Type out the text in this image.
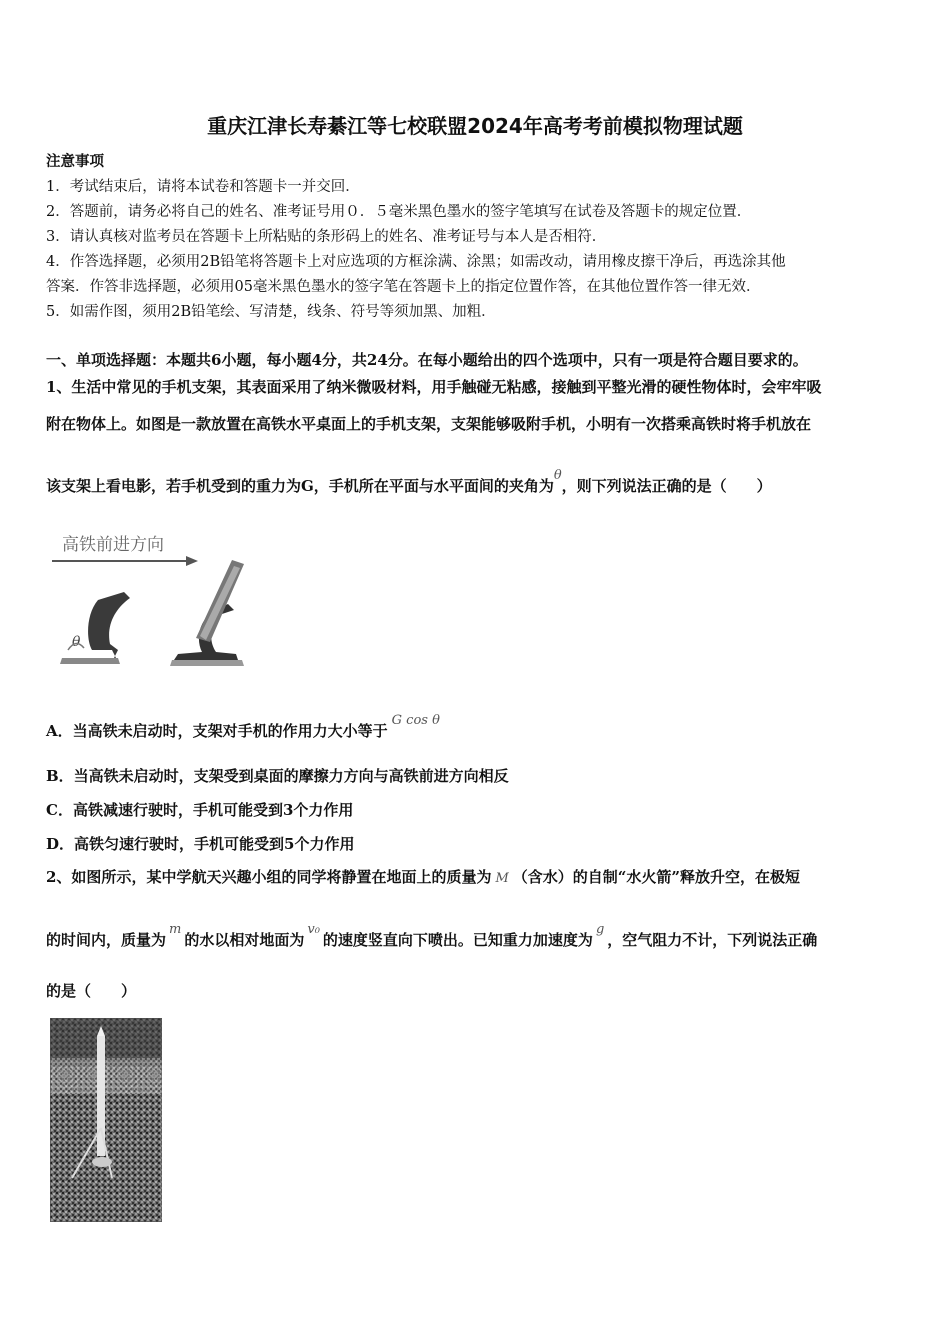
重庆江津长寿綦江等七校联盟2024年高考考前模拟物理试题
注意事项
1．考试结束后，请将本试卷和答题卡一并交回．
2．答题前，请务必将自己的姓名、准考证号用０．５毫米黑色墨水的签字笔填写在试卷及答题卡的规定位置．
3．请认真核对监考员在答题卡上所粘贴的条形码上的姓名、准考证号与本人是否相符．
4．作答选择题，必须用2B铅笔将答题卡上对应选项的方框涂满、涂黑；如需改动，请用橡皮擦干净后，再选涂其他
答案．作答非选择题，必须用05毫米黑色墨水的签字笔在答题卡上的指定位置作答，在其他位置作答一律无效．
5．如需作图，须用2B铅笔绘、写清楚，线条、符号等须加黑、加粗．
一、单项选择题：本题共6小题，每小题4分，共24分。在每小题给出的四个选项中，只有一项是符合题目要求的。
1、生活中常见的手机支架，其表面采用了纳米微吸材料，用手触碰无粘感，接触到平整光滑的硬性物体时，会牢牢吸
附在物体上。如图是一款放置在高铁水平桌面上的手机支架，支架能够吸附手机，小明有一次搭乘高铁时将手机放在
该支架上看电影，若手机受到的重力为G，手机所在平面与水平面间的夹角为θ，则下列说法正确的是（　　）
高铁前进方向
θ
A．当高铁未启动时，支架对手机的作用力大小等于G cos θ
B．当高铁未启动时，支架受到桌面的摩擦力方向与高铁前进方向相反
C．高铁减速行驶时，手机可能受到3个力作用
D．高铁匀速行驶时，手机可能受到5个力作用
2、如图所示，某中学航天兴趣小组的同学将静置在地面上的质量为 M （含水）的自制“水火箭”释放升空，在极短
的时间内，质量为m的水以相对地面为v₀的速度竖直向下喷出。已知重力加速度为g，空气阻力不计，下列说法正确
的是（　　）
